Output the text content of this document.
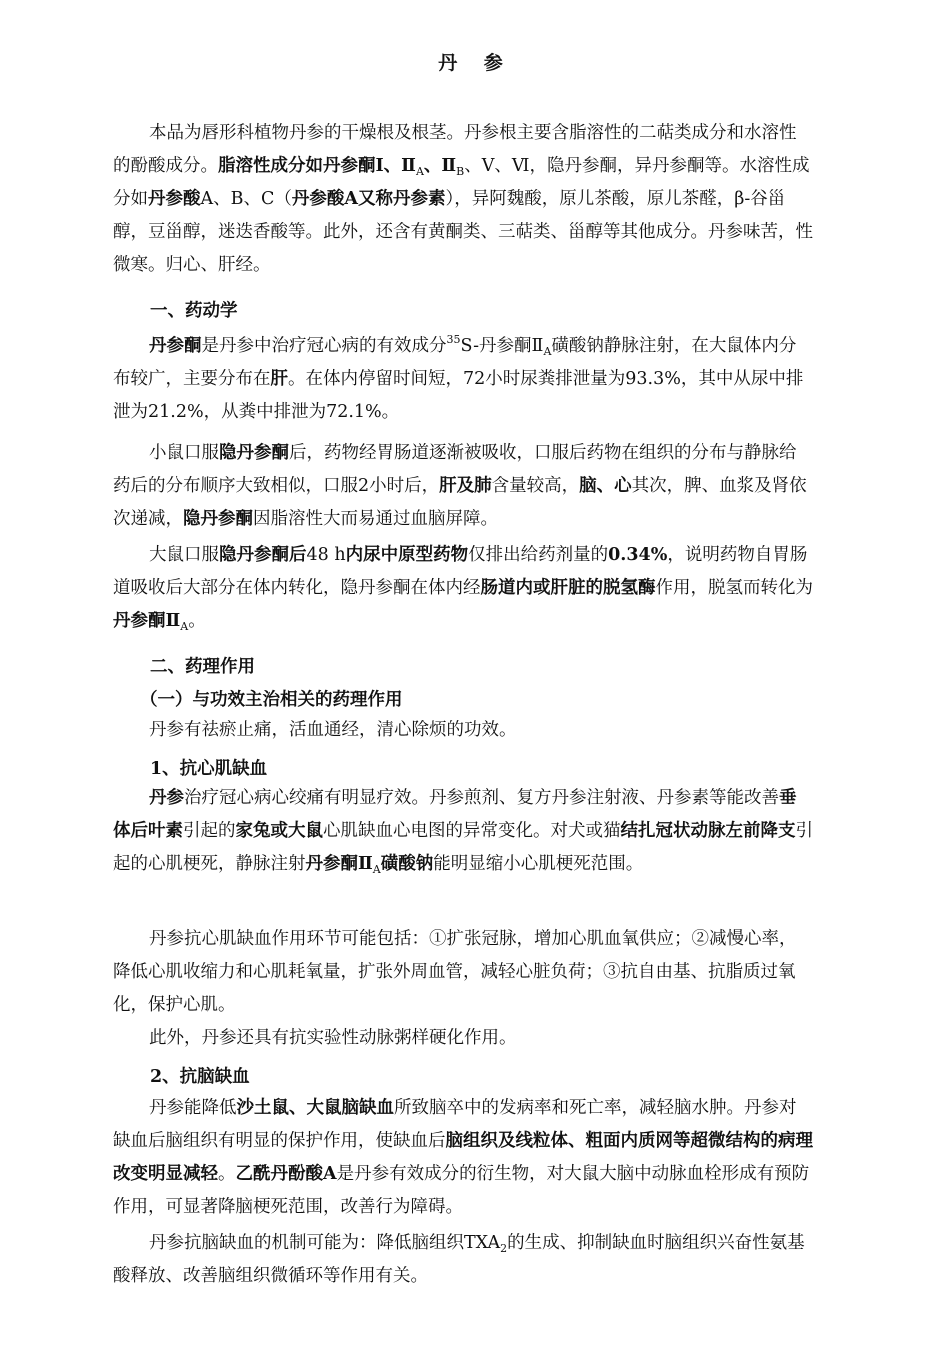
丹 参

本品为唇形科植物丹参的干燥根及根茎。丹参根主要含脂溶性的二萜类成分和水溶性的酚酸成分。脂溶性成分如丹参酮Ⅰ、$Ⅱ_A$、$Ⅱ_B$、Ⅴ、Ⅵ，隐丹参酮，异丹参酮等。水溶性成分如丹参酸A、B、C（丹参酸A又称丹参素），异阿魏酸，原儿茶酸，原儿茶醛，β-谷甾醇，豆甾醇，迷迭香酸等。此外，还含有黄酮类、三萜类、甾醇等其他成分。丹参味苦，性微寒。归心、肝经。

一、药动学

丹参酮是丹参中治疗冠心病的有效成分$^{35}$S-丹参酮$Ⅱ_A$磺酸钠静脉注射，在大鼠体内分布较广，主要分布在肝。在体内停留时间短，72小时尿粪排泄量为93.3%，其中从尿中排泄为21.2%，从粪中排泄为72.1%。

小鼠口服隐丹参酮后，药物经胃肠道逐渐被吸收，口服后药物在组织的分布与静脉给药后的分布顺序大致相似，口服2小时后，肝及肺含量较高，脑、心其次，脾、血浆及肾依次递减，隐丹参酮因脂溶性大而易通过血脑屏障。

大鼠口服隐丹参酮后48 h内尿中原型药物仅排出给药剂量的0.34%，说明药物自胃肠道吸收后大部分在体内转化，隐丹参酮在体内经肠道内或肝脏的脱氢酶作用，脱氢而转化为丹参酮$Ⅱ_A$。

二、药理作用
（一）与功效主治相关的药理作用

丹参有祛瘀止痛，活血通经，清心除烦的功效。

1、抗心肌缺血

丹参治疗冠心病心绞痛有明显疗效。丹参煎剂、复方丹参注射液、丹参素等能改善垂体后叶素引起的家兔或大鼠心肌缺血心电图的异常变化。对犬或猫结扎冠状动脉左前降支引起的心肌梗死，静脉注射丹参酮$Ⅱ_A$磺酸钠能明显缩小心肌梗死范围。

丹参抗心肌缺血作用环节可能包括：①扩张冠脉，增加心肌血氧供应；②减慢心率，降低心肌收缩力和心肌耗氧量，扩张外周血管，减轻心脏负荷；③抗自由基、抗脂质过氧化，保护心肌。

此外，丹参还具有抗实验性动脉粥样硬化作用。

2、抗脑缺血

丹参能降低沙土鼠、大鼠脑缺血所致脑卒中的发病率和死亡率，减轻脑水肿。丹参对缺血后脑组织有明显的保护作用，使缺血后脑组织及线粒体、粗面内质网等超微结构的病理改变明显减轻。乙酰丹酚酸A是丹参有效成分的衍生物，对大鼠大脑中动脉血栓形成有预防作用，可显著降脑梗死范围，改善行为障碍。

丹参抗脑缺血的机制可能为：降低脑组织$TXA_2$的生成、抑制缺血时脑组织兴奋性氨基酸释放、改善脑组织微循环等作用有关。
